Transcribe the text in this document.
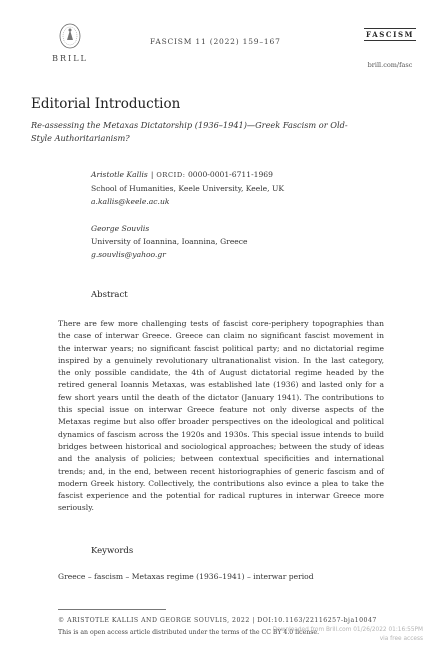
BRILL
FASCISM 11 (2022) 159–167
FASCISM
brill.com/fasc
Editorial Introduction
Re-assessing the Metaxas Dictatorship (1936–1941)—Greek Fascism or Old-Style Authoritarianism?
Aristotle Kallis | ORCID: 0000-0001-6711-1969
School of Humanities, Keele University, Keele, UK
a.kallis@keele.ac.uk
George Souvlis
University of Ioannina, Ioannina, Greece
g.souvlis@yahoo.gr
Abstract
There are few more challenging tests of fascist core-periphery topographies than the case of interwar Greece. Greece can claim no significant fascist movement in the interwar years; no significant fascist political party; and no dictatorial regime inspired by a genuinely revolutionary ultranationalist vision. In the last category, the only possible candidate, the 4th of August dictatorial regime headed by the retired general Ioannis Metaxas, was established late (1936) and lasted only for a few short years until the death of the dictator (January 1941). The contributions to this special issue on interwar Greece feature not only diverse aspects of the Metaxas regime but also offer broader perspectives on the ideological and political dynamics of fascism across the 1920s and 1930s. This special issue intends to build bridges between historical and sociological approaches; between the study of ideas and the analysis of policies; between contextual specificities and international trends; and, in the end, between recent historiographies of generic fascism and of modern Greek history. Collectively, the contributions also evince a plea to take the fascist experience and the potential for radical ruptures in interwar Greece more seriously.
Keywords
Greece – fascism – Metaxas regime (1936–1941) – interwar period
© ARISTOTLE KALLIS AND GEORGE SOUVLIS, 2022 | DOI:10.1163/22116257-bja10047
This is an open access article distributed under the terms of the CC BY 4.0 license.
Downloaded from Brill.com 01/26/2022 01:16:55PM
via free access
